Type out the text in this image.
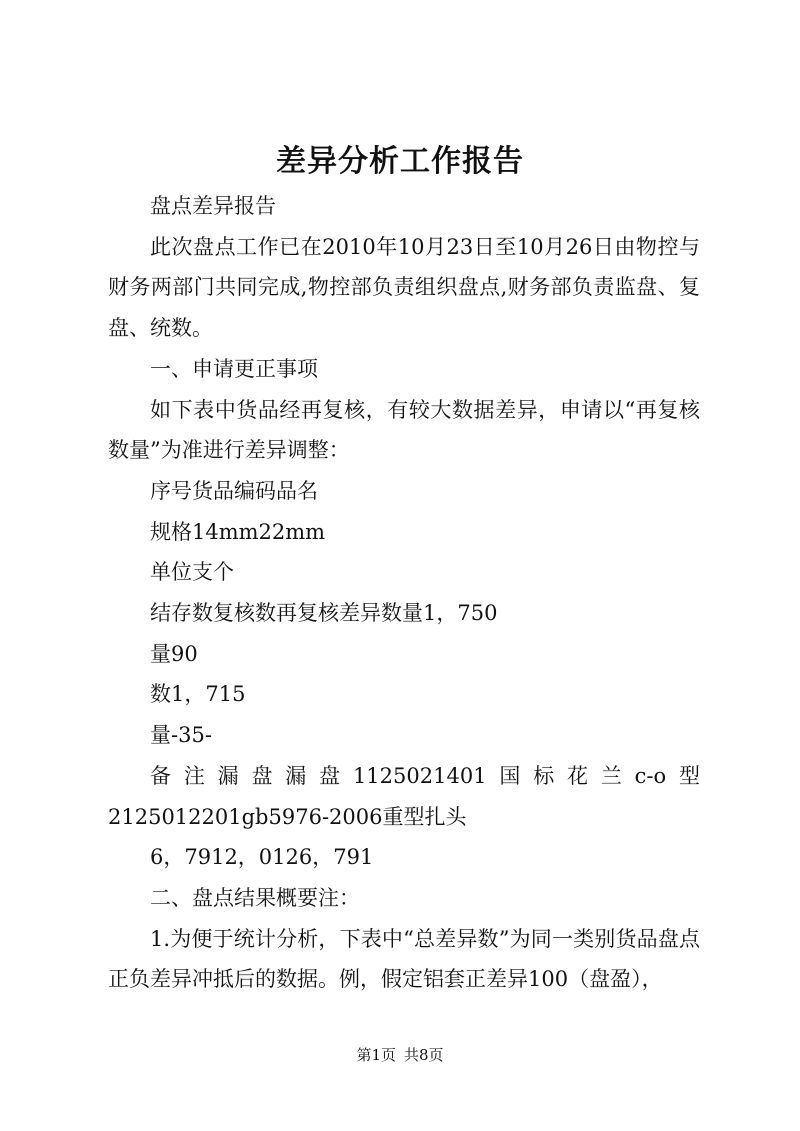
差异分析工作报告

盘点差异报告

此次盘点工作已在2010年10月23日至10月26日由物控与财务两部门共同完成,物控部负责组织盘点,财务部负责监盘、复盘、统数。

一、申请更正事项

如下表中货品经再复核，有较大数据差异，申请以“再复核数量”为准进行差异调整：

序号货品编码品名

规格14mm22mm

单位支个

结存数复核数再复核差异数量1，750

量90

数1，715

量-35-

备注漏盘漏盘1125021401国标花兰c-o型

2125012201gb5976-2006重型扎头

6，7912，0126，791

二、盘点结果概要注：

1.为便于统计分析，下表中“总差异数”为同一类别货品盘点正负差异冲抵后的数据。例，假定铝套正差异100（盘盈），

第1页 共8页
